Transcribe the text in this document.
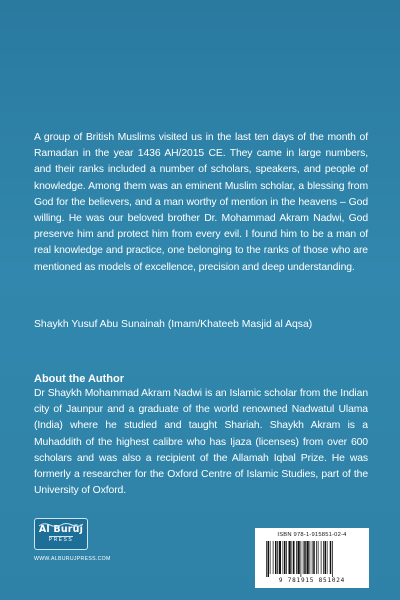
A group of British Muslims visited us in the last ten days of the month of Ramadan in the year 1436 AH/2015 CE. They came in large numbers, and their ranks included a number of scholars, speakers, and people of knowledge. Among them was an eminent Muslim scholar, a blessing from God for the believers, and a man worthy of mention in the heavens – God willing. He was our beloved brother Dr. Mohammad Akram Nadwi, God preserve him and protect him from every evil. I found him to be a man of real knowledge and practice, one belonging to the ranks of those who are mentioned as models of excellence, precision and deep understanding.
Shaykh Yusuf Abu Sunainah (Imam/Khateeb Masjid al Aqsa)
About the Author
Dr Shaykh Mohammad Akram Nadwi is an Islamic scholar from the Indian city of Jaunpur and a graduate of the world renowned Nadwatul Ulama (India) where he studied and taught Shariah. Shaykh Akram is a Muhaddith of the highest calibre who has Ijaza (licenses) from over 600 scholars and was also a recipient of the Allamah Iqbal Prize. He was formerly a researcher for the Oxford Centre of Islamic Studies, part of the University of Oxford.
Al Burūj
PRESS
WWW.ALBURUJPRESS.COM
ISBN 978-1-915851-02-4
9 781915 851024
